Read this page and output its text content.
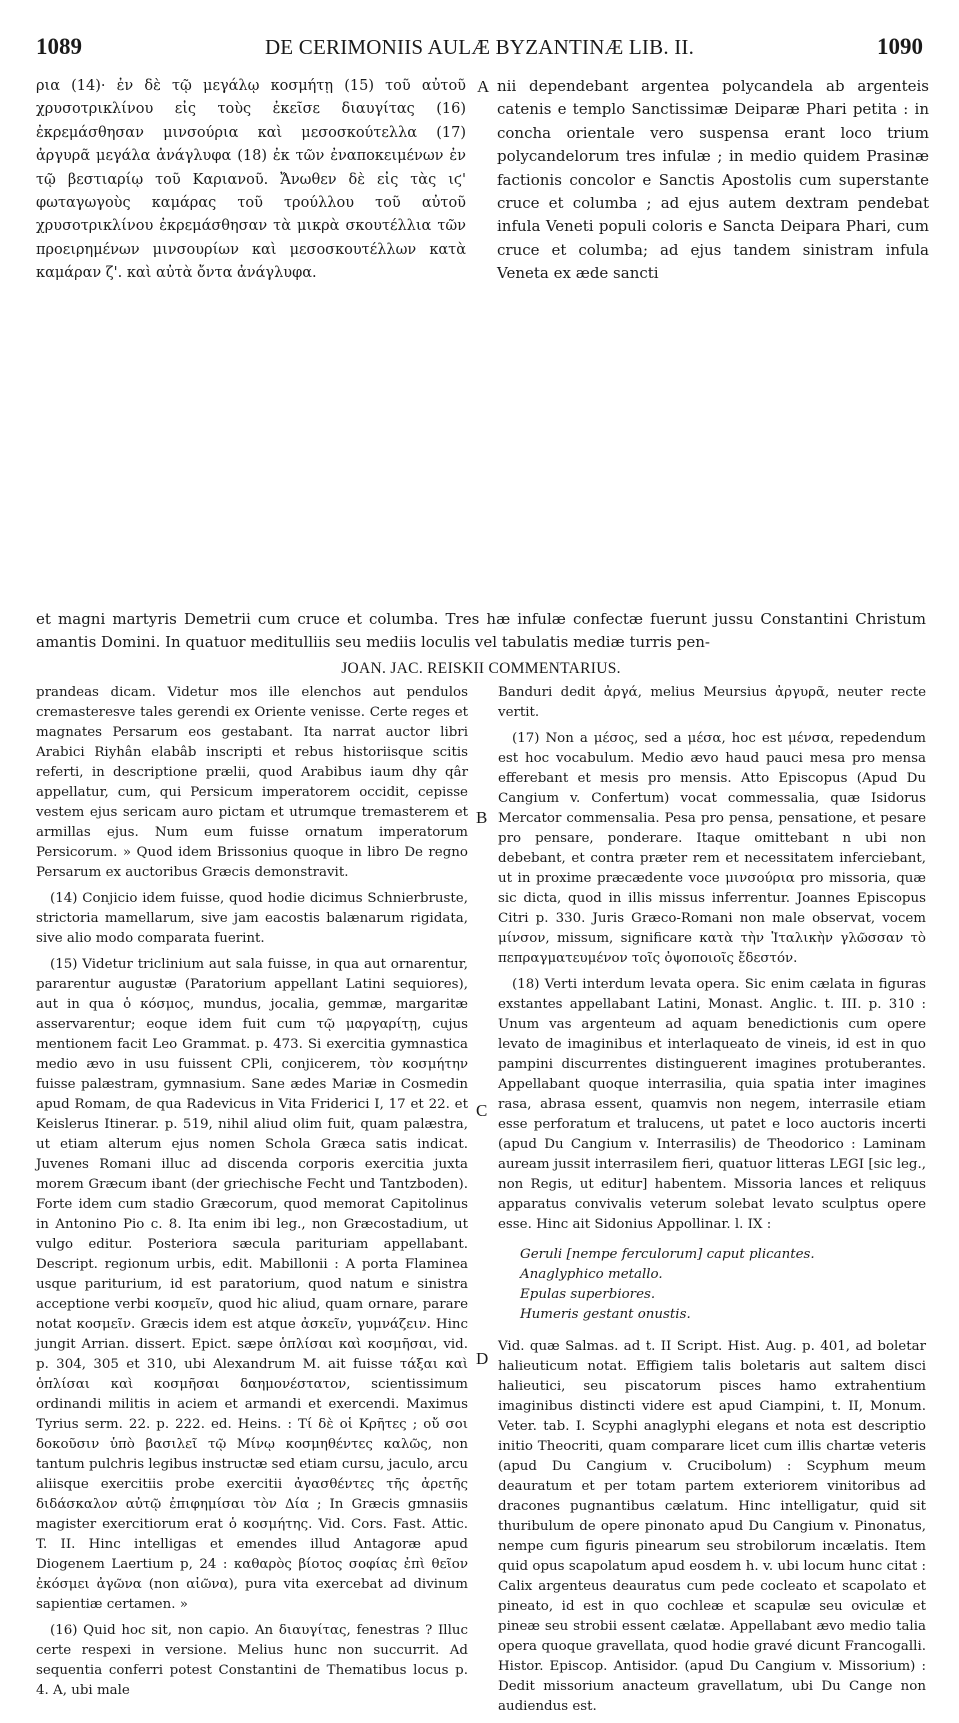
1089	DE CERIMONIIS AULÆ BYZANTINÆ LIB. II.	1090

ρια (14)· ἐν δὲ τῷ μεγάλῳ κοσμήτῃ (15) τοῦ αὐτοῦ χρυσοτρικλίνου εἰς τοὺς ἐκεῖσε διαυγίτας (16) ἐκρεμάσθησαν μινσούρια καὶ μεσοσκούτελλα (17) ἀργυρᾶ μεγάλα ἀνάγλυφα (18) ἐκ τῶν ἐναποκειμένων ἐν τῷ βεστιαρίῳ τοῦ Καριανοῦ. Ἄνωθεν δὲ εἰς τὰς ιϛ' φωταγωγοὺς καμάρας τοῦ τρούλλου τοῦ αὐτοῦ χρυσοτρικλίνου ἐκρεμάσθησαν τὰ μικρὰ σκουτέλλια τῶν προειρημένων μινσουρίων καὶ μεσοσκουτέλλων κατὰ καμάραν ζ'. καὶ αὐτὰ ὄντα ἀνάγλυφα.

A nii dependebant argentea polycandela ab argenteis catenis e templo Sanctissimæ Deiparæ Phari petita : in concha orientale vero suspensa erant loco trium polycandelorum tres infulæ ; in medio quidem Prasinæ factionis concolor e Sanctis Apostolis cum superstante cruce et columba ; ad ejus autem dextram pendebat infula Veneti populi coloris e Sancta Deipara Phari, cum cruce et columba; ad ejus tandem sinistram infula Veneta ex æde sancti

et magni martyris Demetrii cum cruce et columba. Tres hæ infulæ confectæ fuerunt jussu Constantini Christum amantis Domini. In quatuor meditulliis seu mediis loculis vel tabulatis mediæ turris pen-
JOAN. JAC. REISKII COMMENTARIUS.

prandeas dicam. Videtur mos ille elenchos aut pendulos cremasteresve tales gerendi ex Oriente venisse. Certe reges et magnates Persarum eos gestabant. Ita narrat auctor libri Arabici Riyhân elabâb inscripti et rebus historiisque scitis referti, in descriptione prælii, quod Arabibus iaum dhy qâr appellatur, cum, qui Persicum imperatorem occidit, cepisse vestem ejus sericam auro pictam et utrumque tremasterem et armillas ejus. Num eum fuisse ornatum imperatorum Persicorum. » Quod idem Brissonius quoque in libro De regno Persarum ex auctoribus Græcis demonstravit.

(14) Conjicio idem fuisse, quod hodie dicimus Schnierbruste, strictoria mamellarum, sive jam eacostis balænarum rigidata, sive alio modo comparata fuerint.

(15) Videtur triclinium aut sala fuisse, in qua aut ornarentur, pararentur augustæ (Paratorium appellant Latini sequiores), aut in qua ὁ κόσμος, mundus, jocalia, gemmæ, margaritæ asservarentur; eoque idem fuit cum τῷ μαργαρίτῃ, cujus mentionem facit Leo Grammat. p. 473. Si exercitia gymnastica medio ævo in usu fuissent CPli, conjicerem, τὸν κοσμήτην fuisse palæstram, gymnasium. Sane ædes Mariæ in Cosmedin apud Romam, de qua Radevicus in Vita Friderici I, 17 et 22. et Keislerus Itinerar. p. 519, nihil aliud olim fuit, quam palæstra, ut etiam alterum ejus nomen Schola Græca satis indicat. Juvenes Romani illuc ad discenda corporis exercitia juxta morem Græcum ibant (der griechische Fecht und Tantzboden). Forte idem cum stadio Græcorum, quod memorat Capitolinus in Antonino Pio c. 8. Ita enim ibi leg., non Græcostadium, ut vulgo editur. Posteriora sæcula parituriam appellabant. Descript. regionum urbis, edit. Mabillonii : A porta Flaminea usque pariturium, id est paratorium, quod natum e sinistra acceptione verbi κοσμεῖν, quod hic aliud, quam ornare, parare notat κοσμεῖν. Græcis idem est atque ἀσκεῖν, γυμνάζειν. Hinc jungit Arrian. dissert. Epict. sæpe ὁπλίσαι καὶ κοσμῆσαι, vid. p. 304, 305 et 310, ubi Alexandrum M. ait fuisse τάξαι καὶ ὁπλίσαι καὶ κοσμῆσαι δαημονέστατον, scientissimum ordinandi militis in aciem et armandi et exercendi. Maximus Tyrius serm. 22. p. 222. ed. Heins. : Τί δὲ οἱ Κρῆτες ; οὔ σοι δοκοῦσιν ὑπὸ βασιλεῖ τῷ Μίνῳ κοσμηθέντες καλῶς, non tantum pulchris legibus instructæ sed etiam cursu, jaculo, arcu aliisque exercitiis probe exercitii ἀγασθέντες τῆς ἀρετῆς διδάσκαλον αὐτῷ ἐπιφημίσαι τὸν Δία ; In Græcis gmnasiis magister exercitiorum erat ὁ κοσμήτης. Vid. Cors. Fast. Attic. T. II. Hinc intelligas et emendes illud Antagoræ apud Diogenem Laertium p, 24 : καθαρὸς βίοτος σοφίας ἐπὶ θεῖον ἐκόσμει ἀγῶνα (non αἰῶνα), pura vita exercebat ad divinum sapientiæ certamen. »

(16) Quid hoc sit, non capio. An διαυγίτας, fenestras ? Illuc certe respexi in versione. Melius hunc non succurrit. Ad sequentia conferri potest Constantini de Thematibus locus p. 4. A, ubi male

B
C
D

Banduri dedit ἀργά, melius Meursius ἀργυρᾶ, neuter recte vertit.

(17) Non a μέσος, sed a μέσα, hoc est μένσα, repedendum est hoc vocabulum. Medio ævo haud pauci mesa pro mensa efferebant et mesis pro mensis. Atto Episcopus (Apud Du Cangium v. Confertum) vocat commessalia, quæ Isidorus Mercator commensalia. Pesa pro pensa, pensatione, et pesare pro pensare, ponderare. Itaque omittebant n ubi non debebant, et contra præter rem et necessitatem inferciebant, ut in proxime præcædente voce μινσούρια pro missoria, quæ sic dicta, quod in illis missus inferrentur. Joannes Episcopus Citri p. 330. Juris Græco-Romani non male observat, vocem μίνσον, missum, significare κατὰ τὴν Ἰταλικὴν γλῶσσαν τὸ πεπραγματευμένον τοῖς ὀψοποιοῖς ἔδεστόν.

(18) Verti interdum levata opera. Sic enim cælata in figuras exstantes appellabant Latini, Monast. Anglic. t. III. p. 310 : Unum vas argenteum ad aquam benedictionis cum opere levato de imaginibus et interlaqueato de vineis, id est in quo pampini discurrentes distinguerent imagines protuberantes. Appellabant quoque interrasilia, quia spatia inter imagines rasa, abrasa essent, quamvis non negem, interrasile etiam esse perforatum et tralucens, ut patet e loco auctoris incerti (apud Du Cangium v. Interrasilis) de Theodorico : Laminam auream jussit interrasilem fieri, quatuor litteras LEGI [sic leg., non Regis, ut editur] habentem. Missoria lances et reliquus apparatus convivalis veterum solebat levato sculptus opere esse. Hinc ait Sidonius Appollinar. l. IX :

Geruli [nempe ferculorum] caput plicantes.
Anaglyphico metallo.
Epulas superbiores.
Humeris gestant onustis.

Vid. quæ Salmas. ad t. II Script. Hist. Aug. p. 401, ad boletar halieuticum notat. Effigiem talis boletaris aut saltem disci halieutici, seu piscatorum pisces hamo extrahentium imaginibus distincti videre est apud Ciampini, t. II, Monum. Veter. tab. I. Scyphi anaglyphi elegans et nota est descriptio initio Theocriti, quam comparare licet cum illis chartæ veteris (apud Du Cangium v. Crucibolum) : Scyphum meum deauratum et per totam partem exteriorem vinitoribus ad dracones pugnantibus cælatum. Hinc intelligatur, quid sit thuribulum de opere pinonato apud Du Cangium v. Pinonatus, nempe cum figuris pinearum seu strobilorum incælatis. Item quid opus scapolatum apud eosdem h. v. ubi locum hunc citat : Calix argenteus deauratus cum pede cocleato et scapolato et pineato, id est in quo cochleæ et scapulæ seu oviculæ et pineæ seu strobii essent cælatæ. Appellabant ævo medio talia opera quoque gravellata, quod hodie gravé dicunt Francogalli. Histor. Episcop. Antisidor. (apud Du Cangium v. Missorium) : Dedit missorium anacteum gravellatum, ubi Du Cange non audiendus est.
